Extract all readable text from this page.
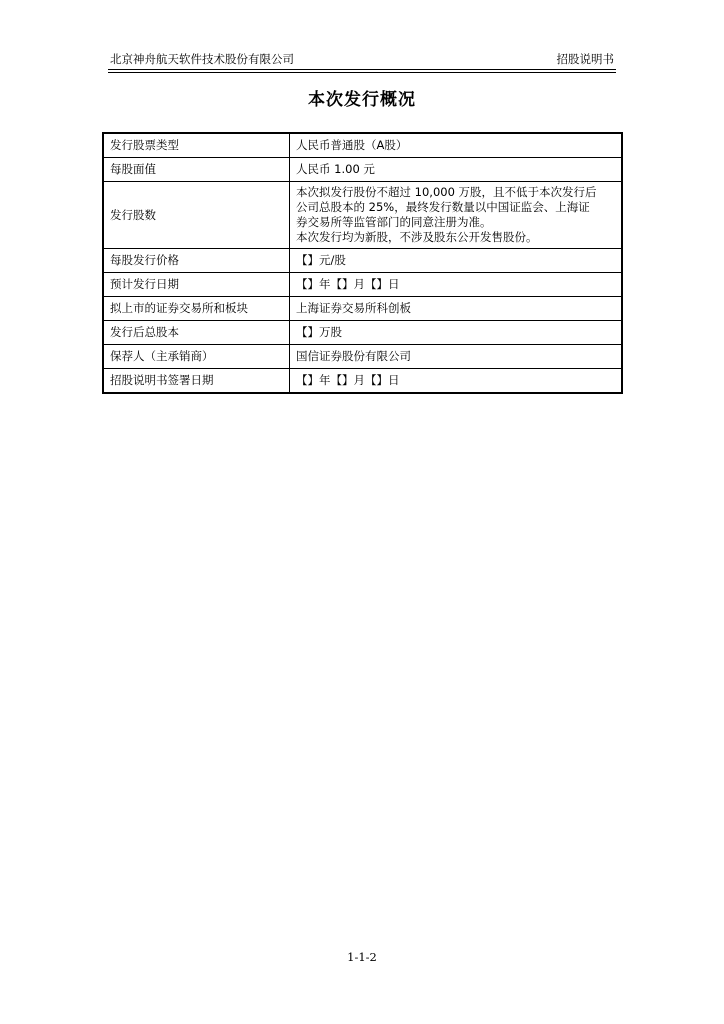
北京神舟航天软件技术股份有限公司	招股说明书
本次发行概况
发行股票类型	人民币普通股（A股）
每股面值	人民币 1.00 元
发行股数	本次拟发行股份不超过 10,000 万股，且不低于本次发行后
公司总股本的 25%，最终发行数量以中国证监会、上海证
券交易所等监管部门的同意注册为准。
本次发行均为新股，不涉及股东公开发售股份。

每股发行价格	【】元/股
预计发行日期	【】年【】月【】日
拟上市的证券交易所和板块	上海证券交易所科创板
发行后总股本	【】万股
保荐人（主承销商）	国信证券股份有限公司
招股说明书签署日期	【】年【】月【】日
1-1-2
